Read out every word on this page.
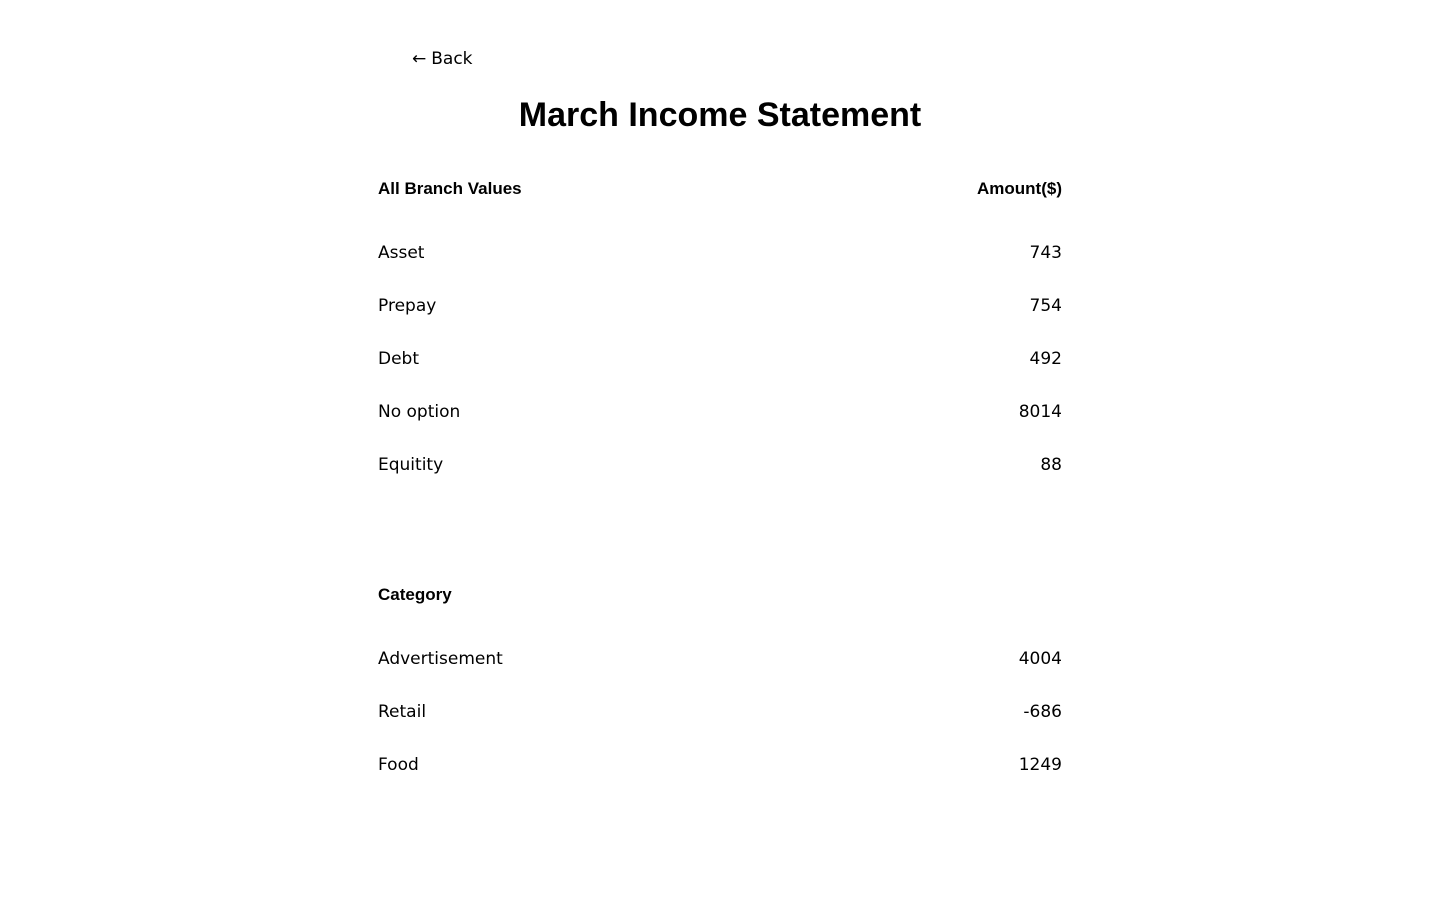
← Back
March Income Statement
All Branch Values	Amount($)
Asset	743
Prepay	754
Debt	492
No option	8014
Equitity	88
Category
Advertisement	4004
Retail	-686
Food	1249
